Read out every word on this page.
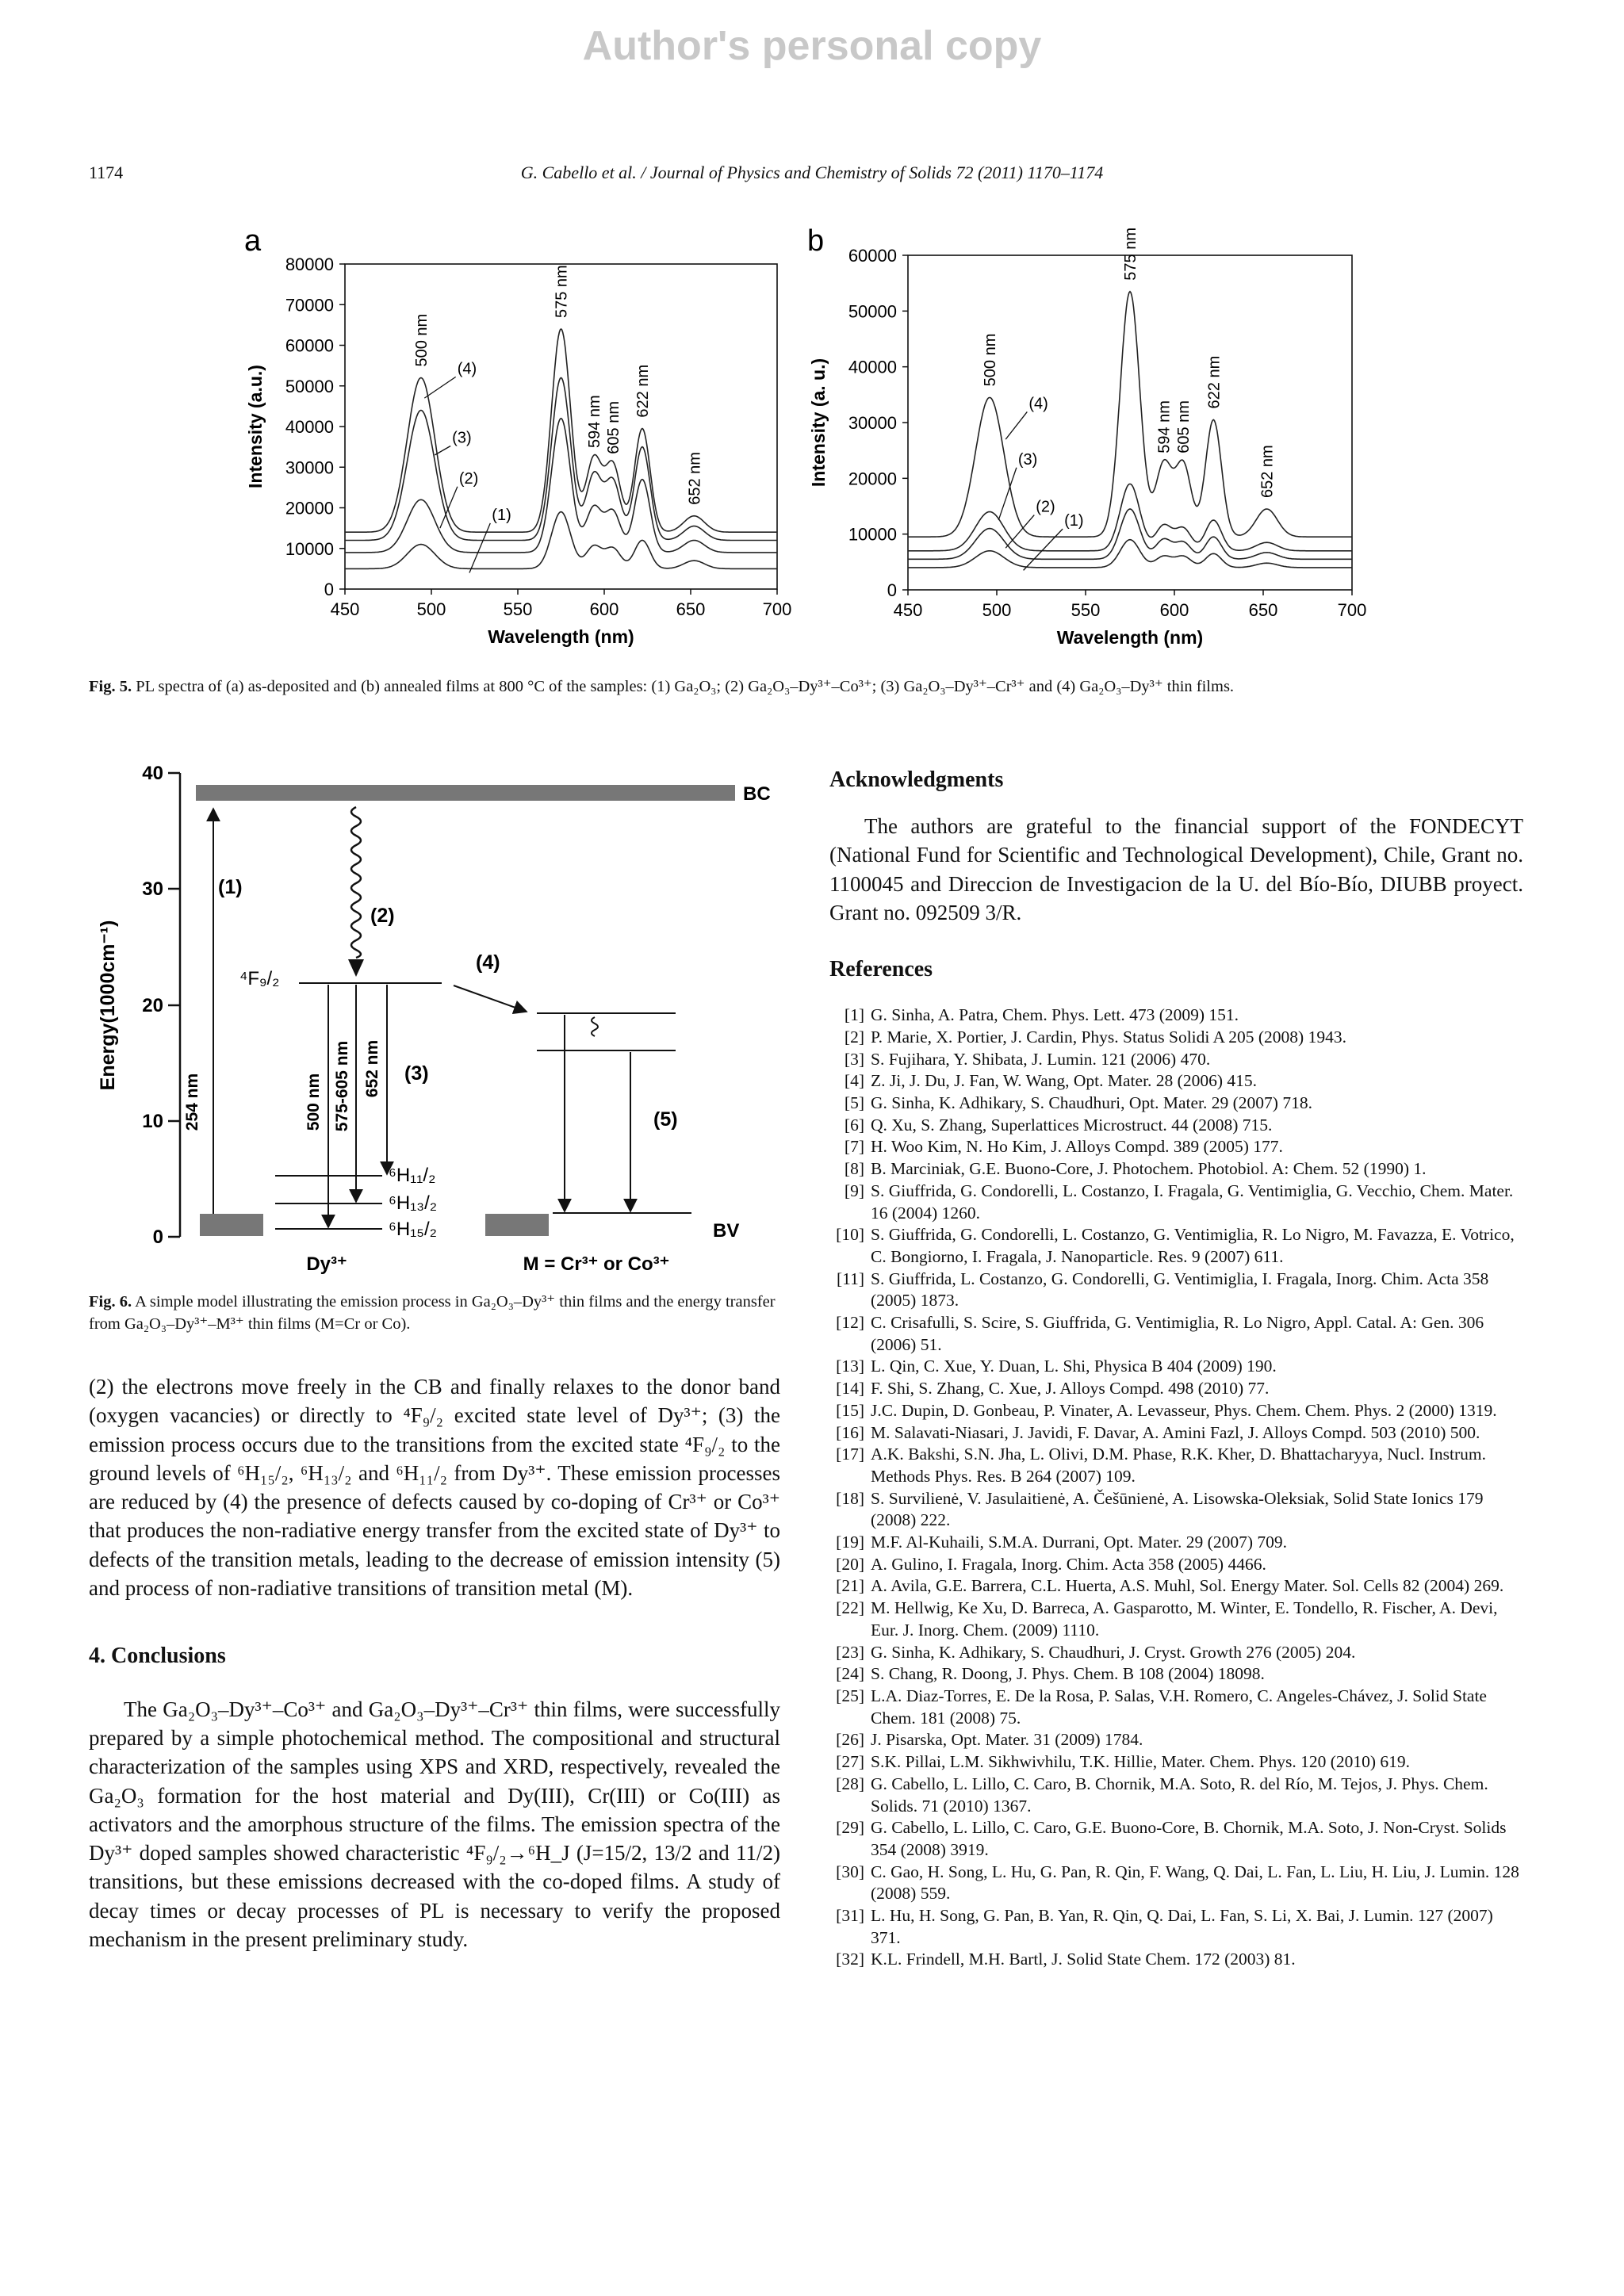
Author's personal copy
1174	G. Cabello et al. / Journal of Physics and Chemistry of Solids 72 (2011) 1170–1174
a
450	500	550	600	650	700
0
10000
20000
30000
40000
50000
60000
70000
80000
Wavelength (nm)
Intensity (a.u.)
500 nm
575 nm
594 nm 605 nm
622 nm
652 nm
(4)
(3)
(2)
(1)
b
450	500	550	600	650	700
0
10000
20000
30000
40000
50000
60000
Wavelength (nm)
Intensity (a. u.)	500 nm
575 nm
594 nm 605 nm
622 nm
652 nm
(4)
(3)
(2)
(1)
Fig. 5. PL spectra of (a) as-deposited and (b) annealed films at 800 °C of the samples: (1) Ga₂O₃; (2) Ga₂O₃–Dy³⁺–Co³⁺; (3) Ga₂O₃–Dy³⁺–Cr³⁺ and (4) Ga₂O₃–Dy³⁺ thin films.
0
10
20
30
40
Energy(1000cm⁻¹)
BC
BV
254 nm
(1)
(2)
⁴F₉/₂
⁶H₁₁/₂
⁶H₁₃/₂
⁶H₁₅/₂
500 nm 575-605 nm 652 nm (3)
(4)
(5)
Dy³⁺	M = Cr³⁺ or Co³⁺
Fig. 6. A simple model illustrating the emission process in Ga₂O₃–Dy³⁺ thin films and the energy transfer from Ga₂O₃–Dy³⁺–M³⁺ thin films (M=Cr or Co).

(2) the electrons move freely in the CB and finally relaxes to the donor band (oxygen vacancies) or directly to ⁴F₉/₂ excited state level of Dy³⁺; (3) the emission process occurs due to the transitions from the excited state ⁴F₉/₂ to the ground levels of ⁶H₁₅/₂, ⁶H₁₃/₂ and ⁶H₁₁/₂ from Dy³⁺. These emission processes are reduced by (4) the presence of defects caused by co-doping of Cr³⁺ or Co³⁺ that produces the non-radiative energy transfer from the excited state of Dy³⁺ to defects of the transition metals, leading to the decrease of emission intensity (5) and process of non-radiative transitions of transition metal (M).

4. Conclusions

The Ga₂O₃–Dy³⁺–Co³⁺ and Ga₂O₃–Dy³⁺–Cr³⁺ thin films, were successfully prepared by a simple photochemical method. The compositional and structural characterization of the samples using XPS and XRD, respectively, revealed the Ga₂O₃ formation for the host material and Dy(III), Cr(III) or Co(III) as activators and the amorphous structure of the films. The emission spectra of the Dy³⁺ doped samples showed characteristic ⁴F₉/₂→⁶H_J (J=15/2, 13/2 and 11/2) transitions, but these emissions decreased with the co-doped films. A study of decay times or decay processes of PL is necessary to verify the proposed mechanism in the present preliminary study.

Acknowledgments
The authors are grateful to the financial support of the FONDECYT (National Fund for Scientific and Technological Development), Chile, Grant no. 1100045 and Direccion de Investigacion de la U. del Bío-Bío, DIUBB proyect. Grant no. 092509 3/R.
References
[1] G. Sinha, A. Patra, Chem. Phys. Lett. 473 (2009) 151.
[2] P. Marie, X. Portier, J. Cardin, Phys. Status Solidi A 205 (2008) 1943.
[3] S. Fujihara, Y. Shibata, J. Lumin. 121 (2006) 470.
[4] Z. Ji, J. Du, J. Fan, W. Wang, Opt. Mater. 28 (2006) 415.
[5] G. Sinha, K. Adhikary, S. Chaudhuri, Opt. Mater. 29 (2007) 718.
[6] Q. Xu, S. Zhang, Superlattices Microstruct. 44 (2008) 715.
[7] H. Woo Kim, N. Ho Kim, J. Alloys Compd. 389 (2005) 177.
[8] B. Marciniak, G.E. Buono-Core, J. Photochem. Photobiol. A: Chem. 52 (1990) 1.
[9] S. Giuffrida, G. Condorelli, L. Costanzo, I. Fragala, G. Ventimiglia, G. Vecchio, Chem. Mater. 16 (2004) 1260.
[10] S. Giuffrida, G. Condorelli, L. Costanzo, G. Ventimiglia, R. Lo Nigro, M. Favazza, E. Votrico, C. Bongiorno, I. Fragala, J. Nanoparticle. Res. 9 (2007) 611.
[11] S. Giuffrida, L. Costanzo, G. Condorelli, G. Ventimiglia, I. Fragala, Inorg. Chim. Acta 358 (2005) 1873.
[12] C. Crisafulli, S. Scire, S. Giuffrida, G. Ventimiglia, R. Lo Nigro, Appl. Catal. A: Gen. 306 (2006) 51.
[13] L. Qin, C. Xue, Y. Duan, L. Shi, Physica B 404 (2009) 190.
[14] F. Shi, S. Zhang, C. Xue, J. Alloys Compd. 498 (2010) 77.
[15] J.C. Dupin, D. Gonbeau, P. Vinater, A. Levasseur, Phys. Chem. Chem. Phys. 2 (2000) 1319.
[16] M. Salavati-Niasari, J. Javidi, F. Davar, A. Amini Fazl, J. Alloys Compd. 503 (2010) 500.
[17] A.K. Bakshi, S.N. Jha, L. Olivi, D.M. Phase, R.K. Kher, D. Bhattacharyya, Nucl. Instrum. Methods Phys. Res. B 264 (2007) 109.
[18] S. Survilienė, V. Jasulaitienė, A. Češūnienė, A. Lisowska-Oleksiak, Solid State Ionics 179 (2008) 222.
[19] M.F. Al-Kuhaili, S.M.A. Durrani, Opt. Mater. 29 (2007) 709.
[20] A. Gulino, I. Fragala, Inorg. Chim. Acta 358 (2005) 4466.
[21] A. Avila, G.E. Barrera, C.L. Huerta, A.S. Muhl, Sol. Energy Mater. Sol. Cells 82 (2004) 269.
[22] M. Hellwig, Ke Xu, D. Barreca, A. Gasparotto, M. Winter, E. Tondello, R. Fischer, A. Devi, Eur. J. Inorg. Chem. (2009) 1110.
[23] G. Sinha, K. Adhikary, S. Chaudhuri, J. Cryst. Growth 276 (2005) 204.
[24] S. Chang, R. Doong, J. Phys. Chem. B 108 (2004) 18098.
[25] L.A. Diaz-Torres, E. De la Rosa, P. Salas, V.H. Romero, C. Angeles-Chávez, J. Solid State Chem. 181 (2008) 75.
[26] J. Pisarska, Opt. Mater. 31 (2009) 1784.
[27] S.K. Pillai, L.M. Sikhwivhilu, T.K. Hillie, Mater. Chem. Phys. 120 (2010) 619.
[28] G. Cabello, L. Lillo, C. Caro, B. Chornik, M.A. Soto, R. del Río, M. Tejos, J. Phys. Chem. Solids. 71 (2010) 1367.
[29] G. Cabello, L. Lillo, C. Caro, G.E. Buono-Core, B. Chornik, M.A. Soto, J. Non-Cryst. Solids 354 (2008) 3919.
[30] C. Gao, H. Song, L. Hu, G. Pan, R. Qin, F. Wang, Q. Dai, L. Fan, L. Liu, H. Liu, J. Lumin. 128 (2008) 559.
[31] L. Hu, H. Song, G. Pan, B. Yan, R. Qin, Q. Dai, L. Fan, S. Li, X. Bai, J. Lumin. 127 (2007) 371.
[32] K.L. Frindell, M.H. Bartl, J. Solid State Chem. 172 (2003) 81.
